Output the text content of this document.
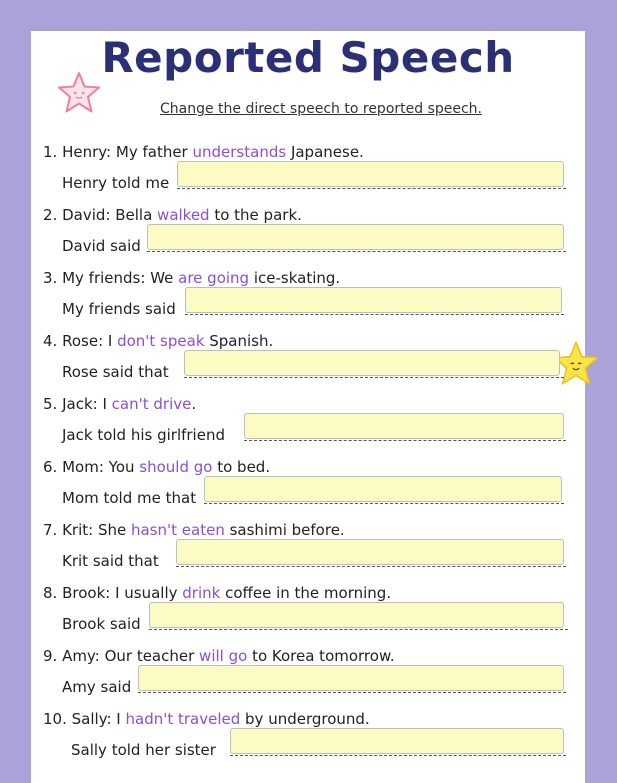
Reported Speech

Change the direct speech to reported speech.

1. Henry: My father understands Japanese.

Henry told me

2. David: Bella walked to the park.

David said

3. My friends: We are going ice-skating.

My friends said

4. Rose: I don't speak Spanish.

Rose said that

5. Jack: I can't drive.

Jack told his girlfriend

6. Mom: You should go to bed.

Mom told me that

7. Krit: She hasn't eaten sashimi before.

Krit said that

8. Brook: I usually drink coffee in the morning.

Brook said

9. Amy: Our teacher will go to Korea tomorrow.

Amy said

10. Sally: I hadn't traveled by underground.

Sally told her sister
